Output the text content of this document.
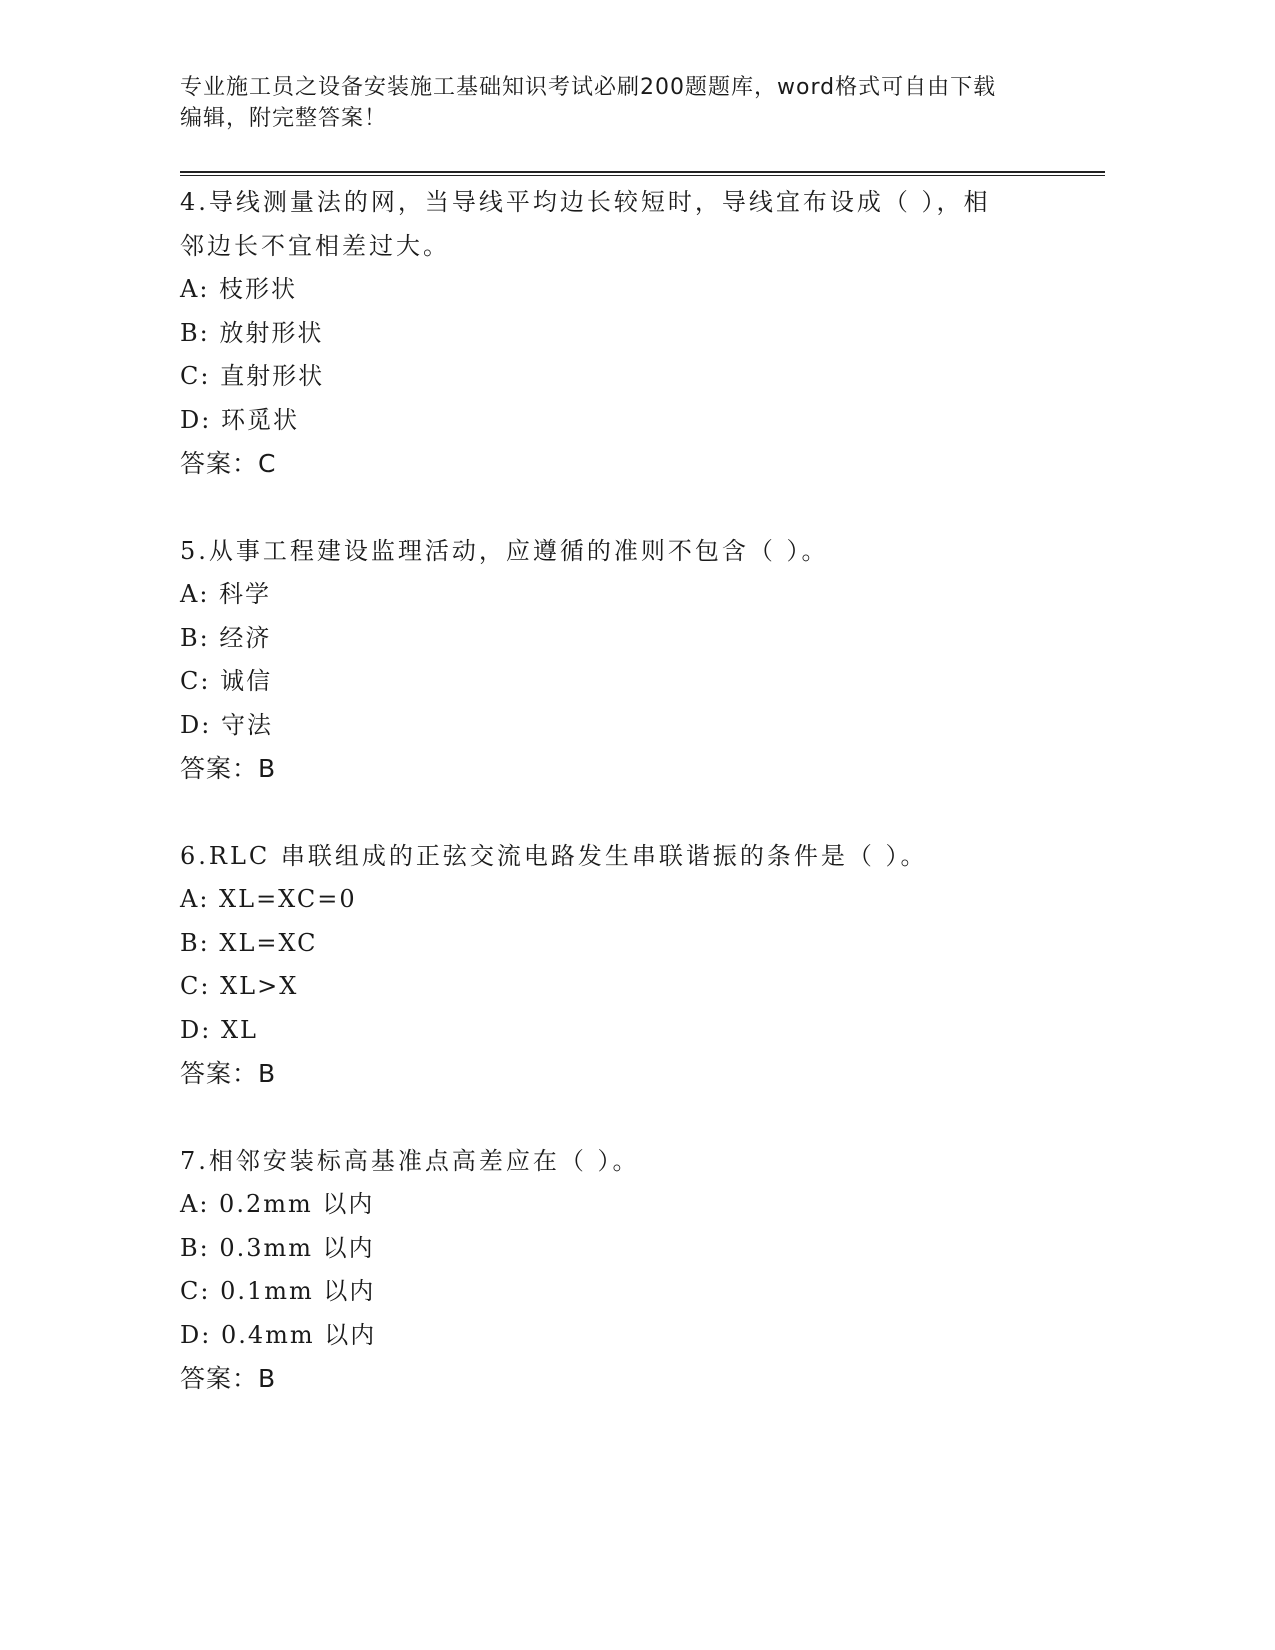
专业施工员之设备安装施工基础知识考试必刷200题题库，word格式可自由下载
编辑，附完整答案！

4.导线测量法的网，当导线平均边长较短时，导线宜布设成（ ），相

邻边长不宜相差过大。

A: 枝形状

B: 放射形状

C: 直射形状

D: 环觅状

答案：C

5.从事工程建设监理活动，应遵循的准则不包含（ ）。

A: 科学

B: 经济

C: 诚信

D: 守法

答案：B

6.RLC 串联组成的正弦交流电路发生串联谐振的条件是（ ）。

A: XL=XC=0

B: XL=XC

C: XL>X

D: XL

答案：B

7.相邻安装标高基准点高差应在（ ）。

A: 0.2mm 以内

B: 0.3mm 以内

C: 0.1mm 以内

D: 0.4mm 以内

答案：B
